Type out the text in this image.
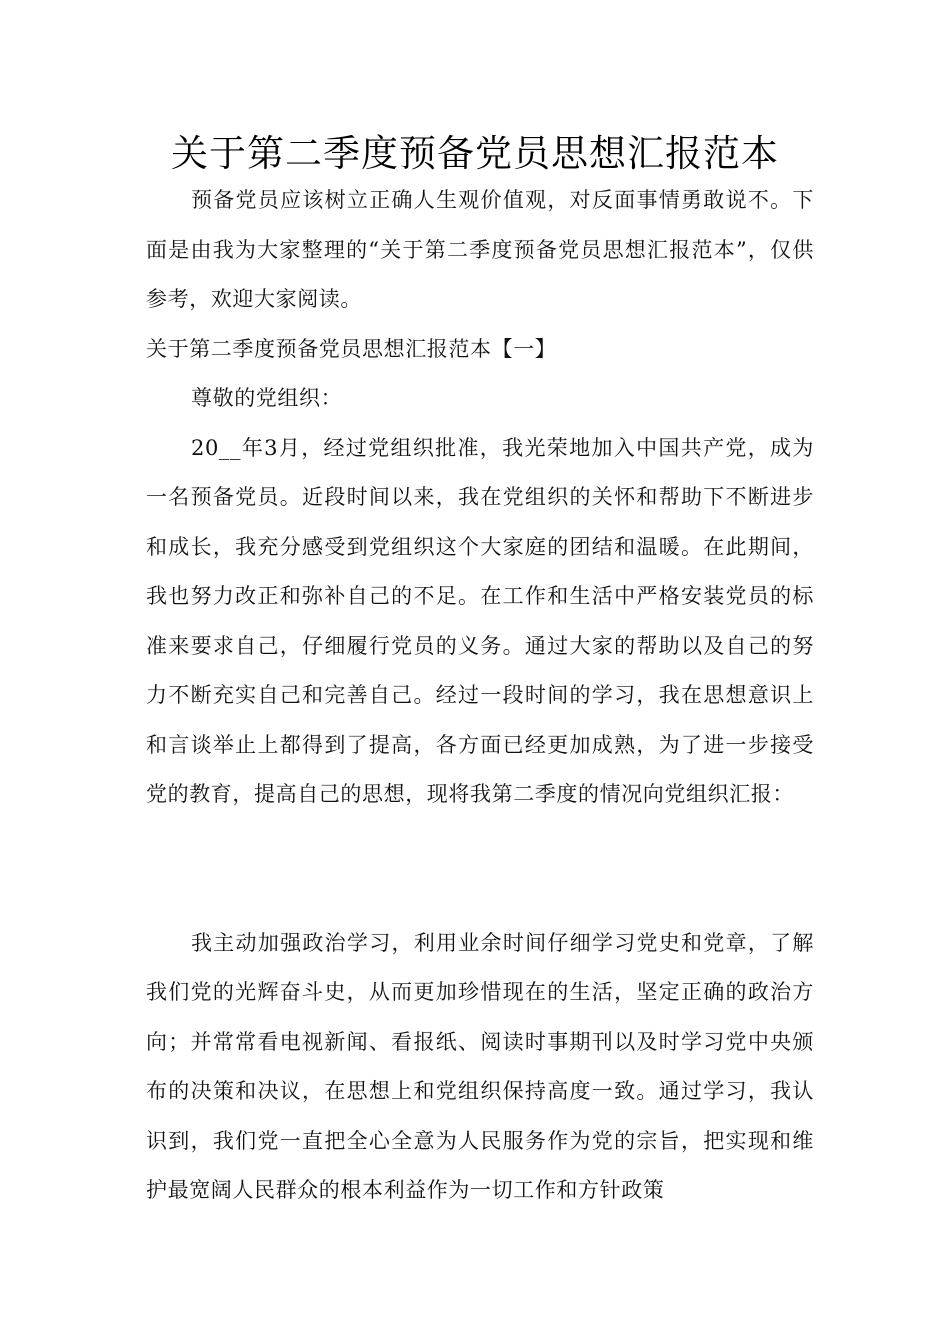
关于第二季度预备党员思想汇报范本

预备党员应该树立正确人生观价值观，对反面事情勇敢说不。下面是由我为大家整理的“关于第二季度预备党员思想汇报范本”，仅供参考，欢迎大家阅读。

关于第二季度预备党员思想汇报范本【一】

尊敬的党组织：

20__年3月，经过党组织批准，我光荣地加入中国共产党，成为一名预备党员。近段时间以来，我在党组织的关怀和帮助下不断进步和成长，我充分感受到党组织这个大家庭的团结和温暖。在此期间，我也努力改正和弥补自己的不足。在工作和生活中严格安装党员的标准来要求自己，仔细履行党员的义务。通过大家的帮助以及自己的努力不断充实自己和完善自己。经过一段时间的学习，我在思想意识上和言谈举止上都得到了提高，各方面已经更加成熟，为了进一步接受党的教育，提高自己的思想，现将我第二季度的情况向党组织汇报：

我主动加强政治学习，利用业余时间仔细学习党史和党章，了解我们党的光辉奋斗史，从而更加珍惜现在的生活，坚定正确的政治方向；并常常看电视新闻、看报纸、阅读时事期刊以及时学习党中央颁布的决策和决议，在思想上和党组织保持高度一致。通过学习，我认识到，我们党一直把全心全意为人民服务作为党的宗旨，把实现和维护最宽阔人民群众的根本利益作为一切工作和方针政策
